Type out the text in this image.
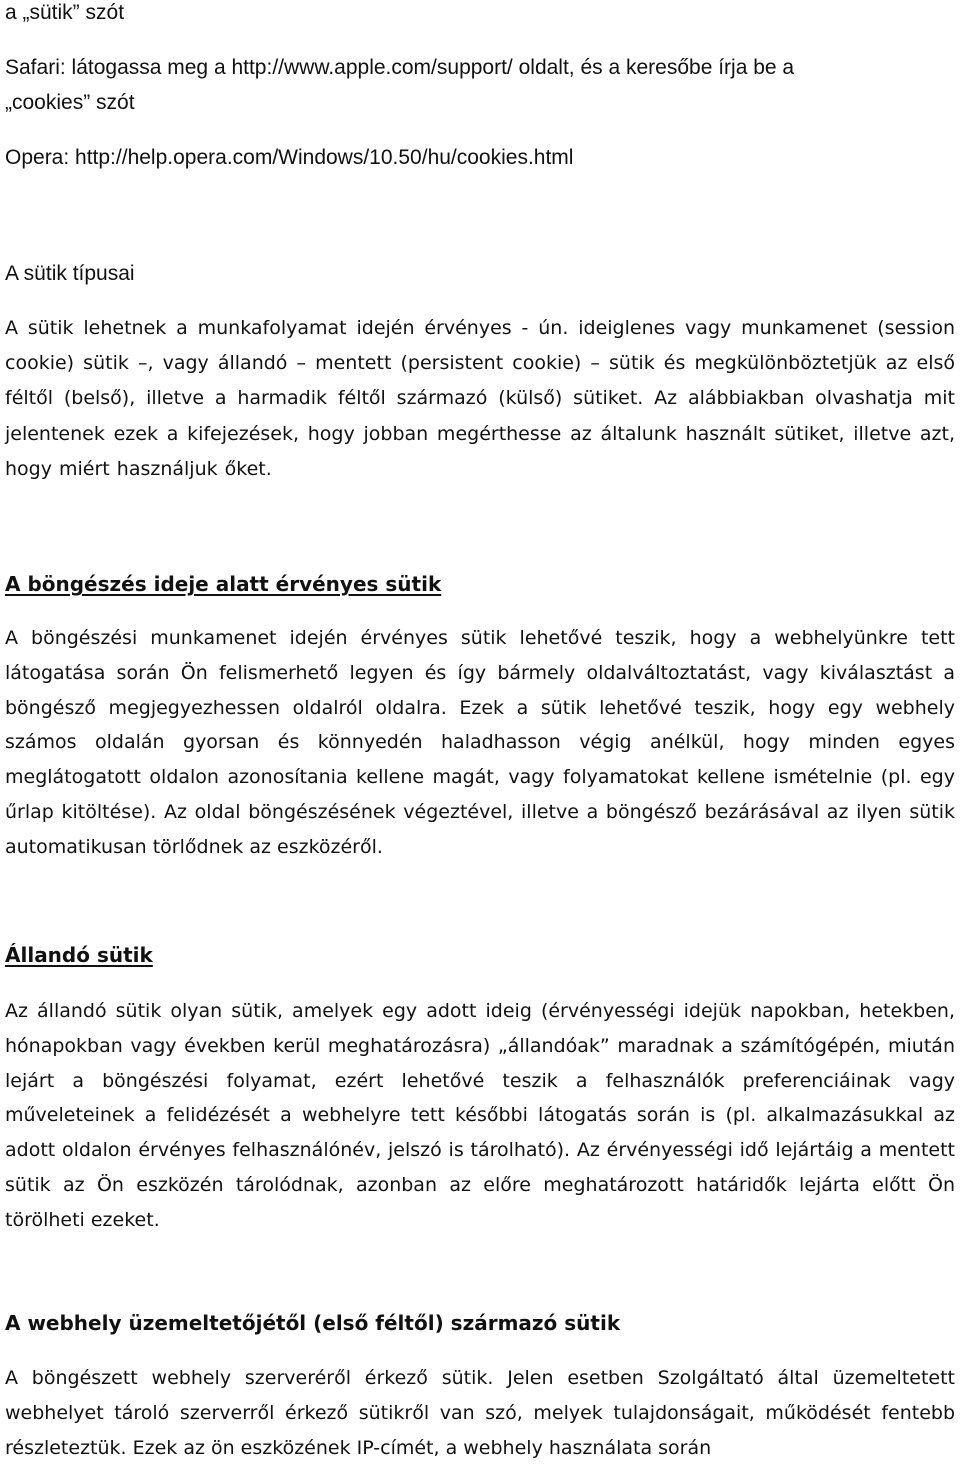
a „sütik” szót
Safari: látogassa meg a http://www.apple.com/support/ oldalt, és a keresőbe írja be a
„cookies” szót
Opera: http://help.opera.com/Windows/10.50/hu/cookies.html
A sütik típusai

A sütik lehetnek a munkafolyamat idején érvényes - ún. ideiglenes vagy munkamenet (session cookie) sütik –, vagy állandó – mentett (persistent cookie) – sütik és megkülönböztetjük az első féltől (belső), illetve a harmadik féltől származó (külső) sütiket. Az alábbiakban olvashatja mit jelentenek ezek a kifejezések, hogy jobban megérthesse az általunk használt sütiket, illetve azt, hogy miért használjuk őket.

A böngészés ideje alatt érvényes sütik

A böngészési munkamenet idején érvényes sütik lehetővé teszik, hogy a webhelyünkre tett látogatása során Ön felismerhető legyen és így bármely oldalváltoztatást, vagy kiválasztást a böngésző megjegyezhessen oldalról oldalra. Ezek a sütik lehetővé teszik, hogy egy webhely számos oldalán gyorsan és könnyedén haladhasson végig anélkül, hogy minden egyes meglátogatott oldalon azonosítania kellene magát, vagy folyamatokat kellene ismételnie (pl. egy űrlap kitöltése). Az oldal böngészésének végeztével, illetve a böngésző bezárásával az ilyen sütik automatikusan törlődnek az eszközéről.

Állandó sütik

Az állandó sütik olyan sütik, amelyek egy adott ideig (érvényességi idejük napokban, hetekben, hónapokban vagy években kerül meghatározásra) „állandóak” maradnak a számítógépén, miután lejárt a böngészési folyamat, ezért lehetővé teszik a felhasználók preferenciáinak vagy műveleteinek a felidézését a webhelyre tett későbbi látogatás során is (pl. alkalmazásukkal az adott oldalon érvényes felhasználónév, jelszó is tárolható). Az érvényességi idő lejártáig a mentett sütik az Ön eszközén tárolódnak, azonban az előre meghatározott határidők lejárta előtt Ön törölheti ezeket.

A webhely üzemeltetőjétől (első féltől) származó sütik

A böngészett webhely szerveréről érkező sütik. Jelen esetben Szolgáltató által üzemeltetett webhelyet tároló szerverről érkező sütikről van szó, melyek tulajdonságait, működését fentebb részleteztük. Ezek az ön eszközének IP-címét, a webhely használata során
